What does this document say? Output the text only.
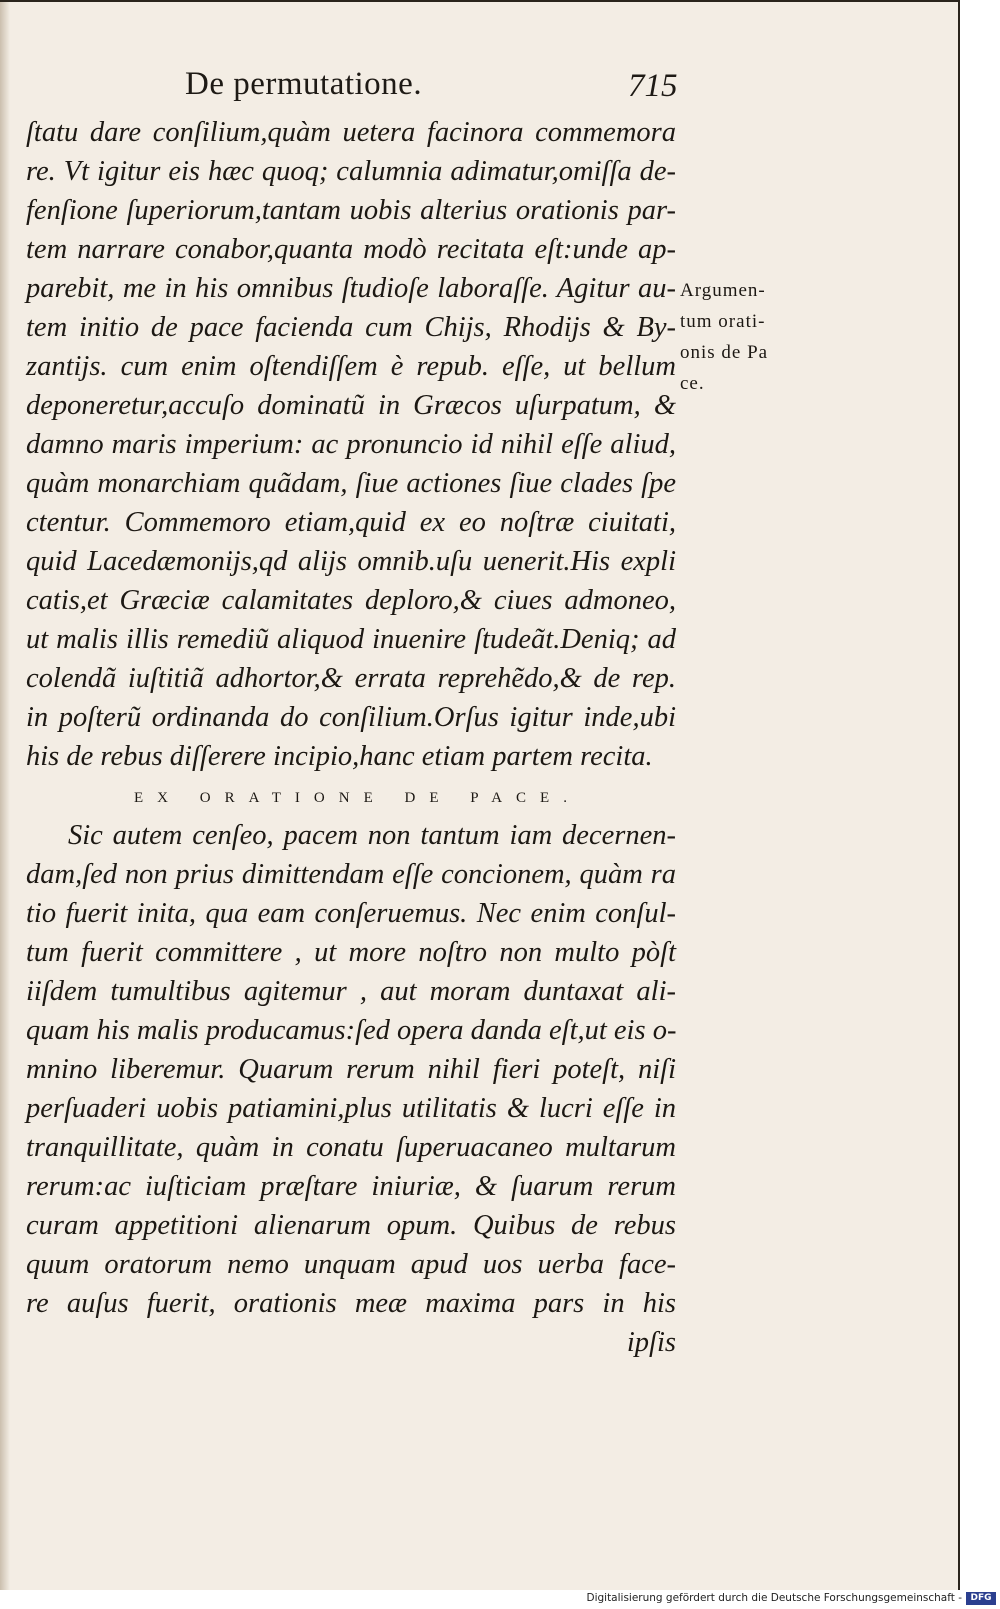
De permutatione.	715
ſtatu dare conſilium,quàm uetera facinora commemora
re. Vt igitur eis hæc quoq; calumnia adimatur,omiſſa de-
fenſione ſuperiorum,tantam uobis alterius orationis par-
tem narrare conabor,quanta modò recitata eſt:unde ap-
parebit, me in his omnibus ſtudioſe laboraſſe. Agitur au-
tem initio de pace facienda cum Chijs, Rhodijs & By-
zantijs. cum enim oſtendiſſem è repub. eſſe, ut bellum
deponeretur,accuſo dominatũ in Græcos uſurpatum, &
damno maris imperium: ac pronuncio id nihil eſſe aliud,
quàm monarchiam quãdam, ſiue actiones ſiue clades ſpe
ctentur. Commemoro etiam,quid ex eo noſtræ ciuitati,
quid Lacedæmonijs,qd alijs omnib.uſu uenerit.His expli
catis,et Græciæ calamitates deploro,& ciues admoneo,
ut malis illis remediũ aliquod inuenire ſtudeãt.Deniq; ad
colendã iuſtitiã adhortor,& errata reprehẽdo,& de rep.
in poſterũ ordinanda do conſilium.Orſus igitur inde,ubi
his de rebus diſſerere incipio,hanc etiam partem recita.
EX ORATIONE DE PACE.
Sic autem cenſeo, pacem non tantum iam decernen-
dam,ſed non prius dimittendam eſſe concionem, quàm ra
tio fuerit inita, qua eam conſeruemus. Nec enim conſul-
tum fuerit committere , ut more noſtro non multo pòſt
iiſdem tumultibus agitemur , aut moram duntaxat ali-
quam his malis producamus:ſed opera danda eſt,ut eis o-
mnino liberemur. Quarum rerum nihil fieri poteſt, niſi
perſuaderi uobis patiamini,plus utilitatis & lucri eſſe in
tranquillitate, quàm in conatu ſuperuacaneo multarum
rerum:ac iuſticiam præſtare iniuriæ, & ſuarum rerum
curam appetitioni alienarum opum. Quibus de rebus
quum oratorum nemo unquam apud uos uerba face-
re auſus fuerit, orationis meæ maxima pars in his
ipſis
Argumen-
tum orati-
onis de Pa
ce.
Digitalisierung gefördert durch die Deutsche Forschungsgemeinschaft - DFG
